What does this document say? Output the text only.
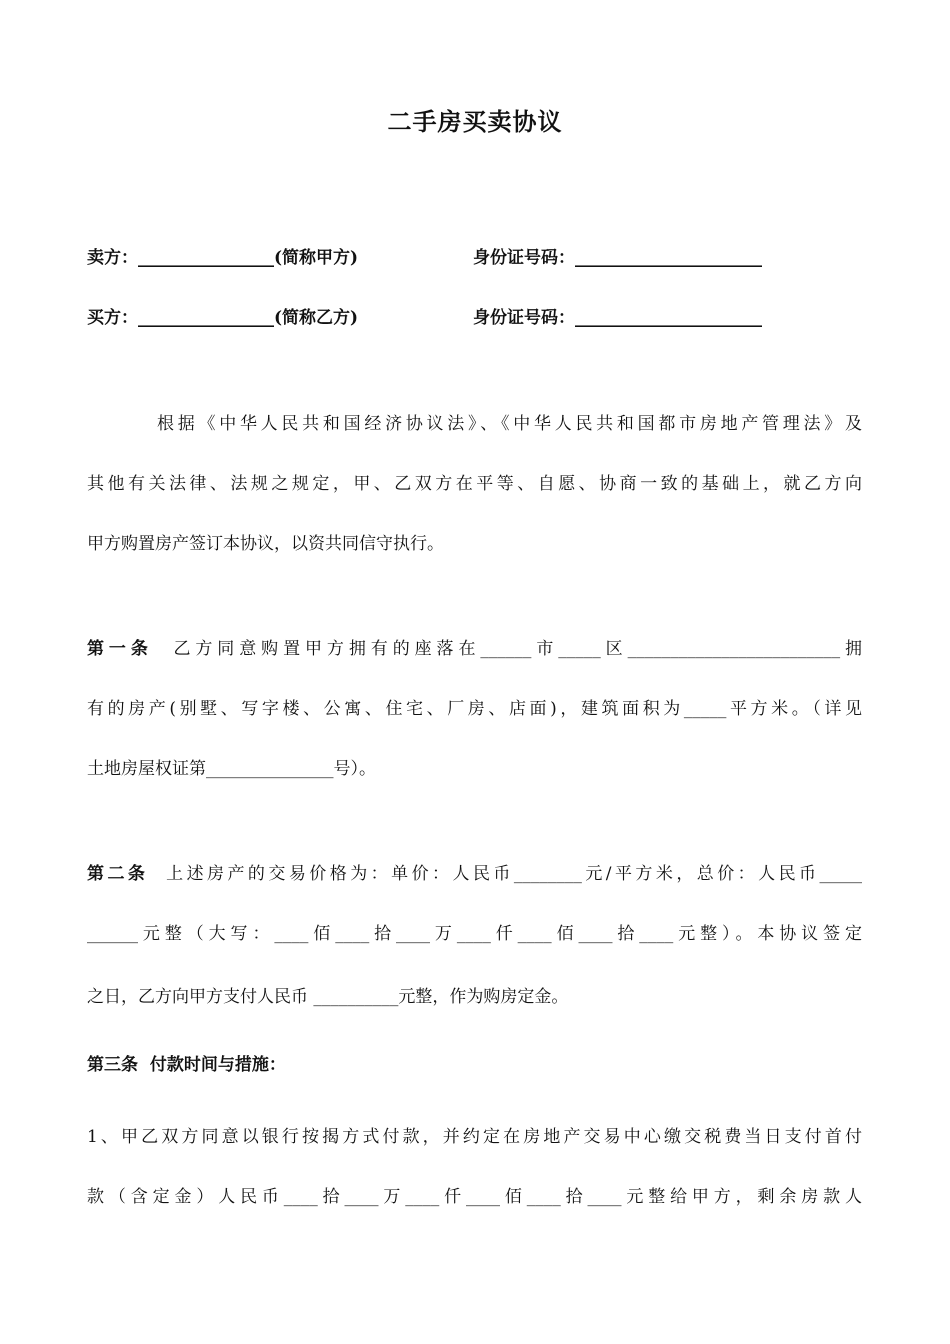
二手房买卖协议
卖方：________________(简称甲方)	身份证号码：______________________
买方：________________(简称乙方)	身份证号码：______________________
根据《中华人民共和国经济协议法》、《中华人民共和国都市房地产管理法》及
其他有关法律、法规之规定，甲、乙双方在平等、自愿、协商一致的基础上，就乙方向
甲方购置房产签订本协议，以资共同信守执行。
第一条 乙方同意购置甲方拥有的座落在______市_____区_________________________拥
有的房产(别墅、写字楼、公寓、住宅、厂房、店面)，建筑面积为_____平方米。（详见
土地房屋权证第_______________号）。
第二条 上述房产的交易价格为：单价：人民币________元/平方米，总价：人民币_____
______元整（大写：____佰____拾____万____仟____佰____拾____元整）。本协议签定
之日，乙方向甲方支付人民币 __________元整，作为购房定金。
第三条 付款时间与措施：
1、甲乙双方同意以银行按揭方式付款，并约定在房地产交易中心缴交税费当日支付首付
款（含定金）人民币____拾____万____仟____佰____拾____元整给甲方，剩余房款人
